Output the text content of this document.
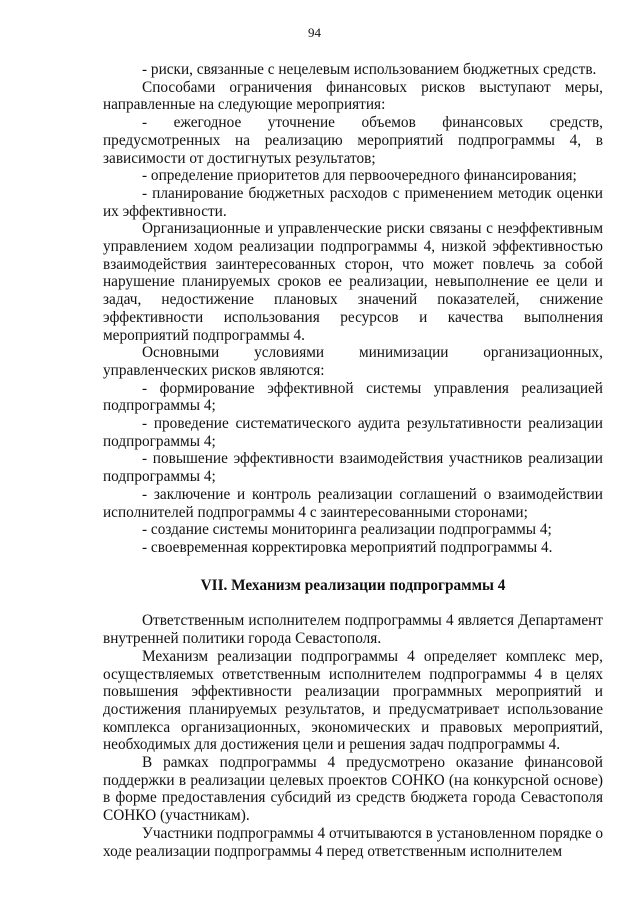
94

- риски, связанные с нецелевым использованием бюджетных средств.

Способами ограничения финансовых рисков выступают меры, направленные на следующие мероприятия:

- ежегодное уточнение объемов финансовых средств, предусмотренных на реализацию мероприятий подпрограммы 4, в зависимости от достигнутых результатов;

- определение приоритетов для первоочередного финансирования;

- планирование бюджетных расходов с применением методик оценки их эффективности.

Организационные и управленческие риски связаны с неэффективным управлением ходом реализации подпрограммы 4, низкой эффективностью взаимодействия заинтересованных сторон, что может повлечь за собой нарушение планируемых сроков ее реализации, невыполнение ее цели и задач, недостижение плановых значений показателей, снижение эффективности использования ресурсов и качества выполнения мероприятий подпрограммы 4.

Основными условиями минимизации организационных, управленческих рисков являются:

- формирование эффективной системы управления реализацией подпрограммы 4;

- проведение систематического аудита результативности реализации подпрограммы 4;

- повышение эффективности взаимодействия участников реализации подпрограммы 4;

- заключение и контроль реализации соглашений о взаимодействии исполнителей подпрограммы 4 с заинтересованными сторонами;

- создание системы мониторинга реализации подпрограммы 4;

- своевременная корректировка мероприятий подпрограммы 4.

VII. Механизм реализации подпрограммы 4

Ответственным исполнителем подпрограммы 4 является Департамент внутренней политики города Севастополя.

Механизм реализации подпрограммы 4 определяет комплекс мер, осуществляемых ответственным исполнителем подпрограммы 4 в целях повышения эффективности реализации программных мероприятий и достижения планируемых результатов, и предусматривает использование комплекса организационных, экономических и правовых мероприятий, необходимых для достижения цели и решения задач подпрограммы 4.

В рамках подпрограммы 4 предусмотрено оказание финансовой поддержки в реализации целевых проектов СОНКО (на конкурсной основе) в форме предоставления субсидий из средств бюджета города Севастополя СОНКО (участникам).

Участники подпрограммы 4 отчитываются в установленном порядке о ходе реализации подпрограммы 4 перед ответственным исполнителем
